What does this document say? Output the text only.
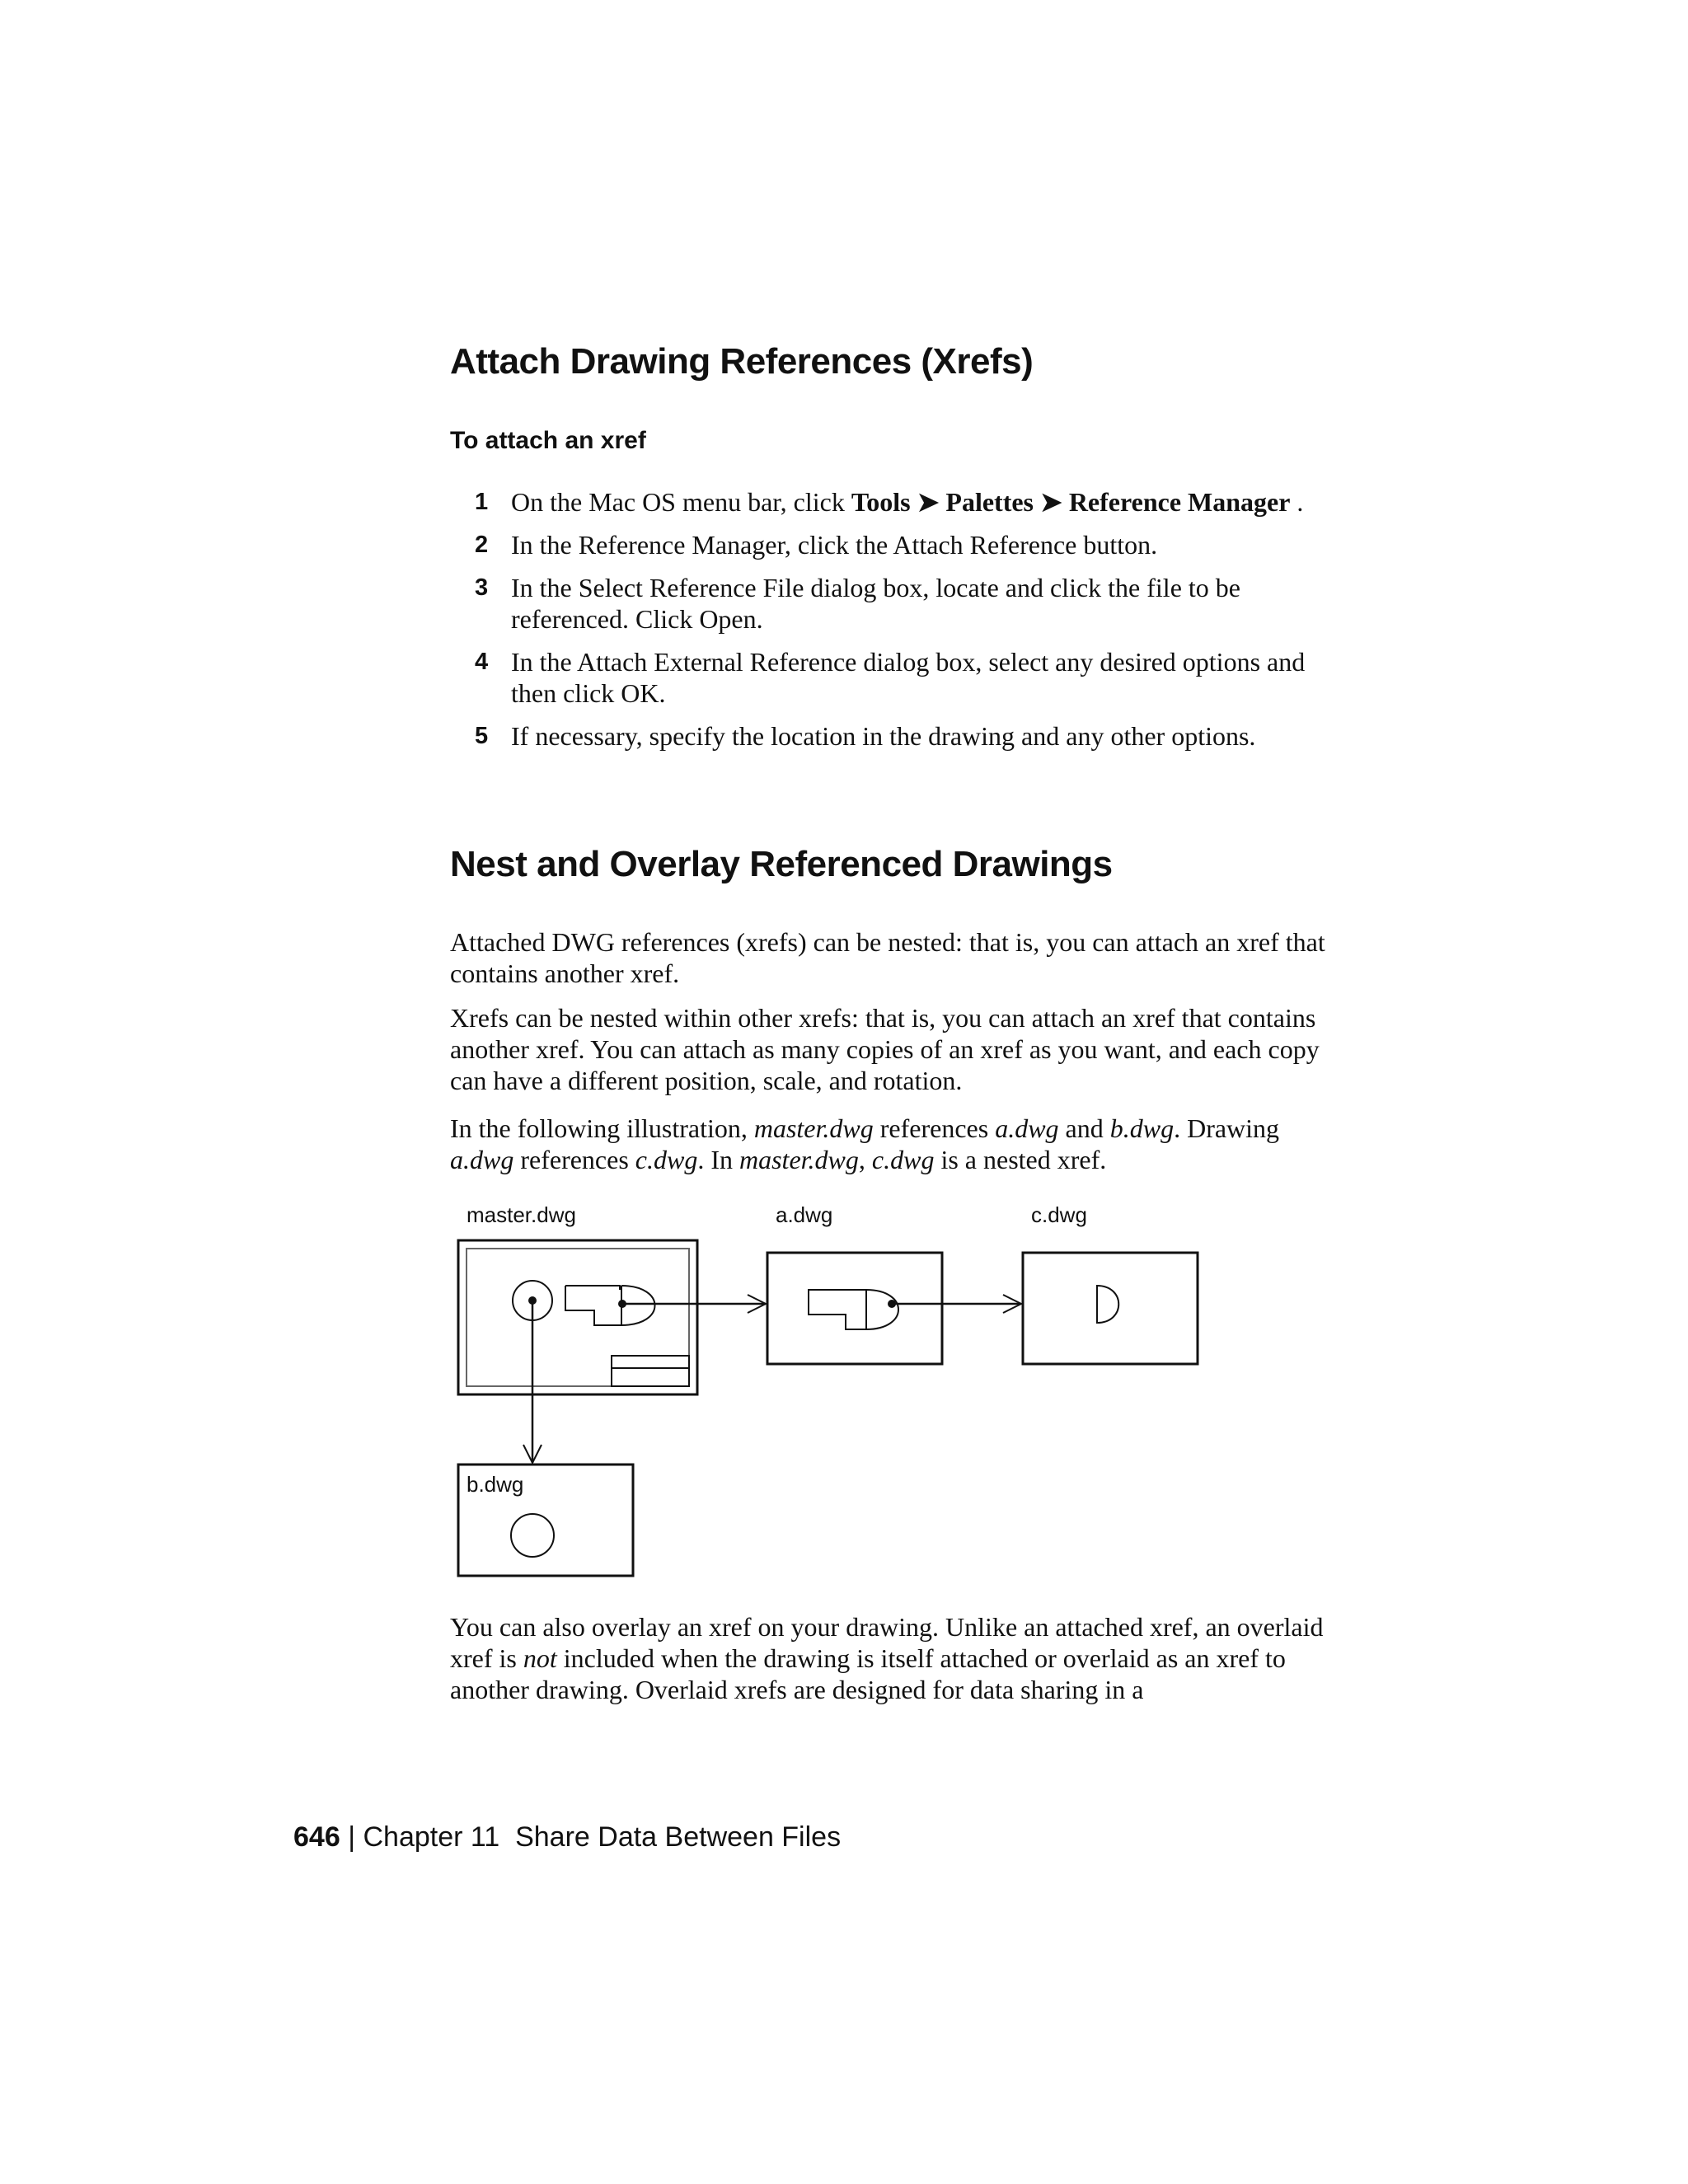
Attach Drawing References (Xrefs)
To attach an xref
1 On the Mac OS menu bar, click Tools ➤ Palettes ➤ Reference Manager .
2 In the Reference Manager, click the Attach Reference button.
3 In the Select Reference File dialog box, locate and click the file to be referenced. Click Open.
4 In the Attach External Reference dialog box, select any desired options and then click OK.
5 If necessary, specify the location in the drawing and any other options.
Nest and Overlay Referenced Drawings

Attached DWG references (xrefs) can be nested: that is, you can attach an xref that contains another xref.

Xrefs can be nested within other xrefs: that is, you can attach an xref that contains another xref. You can attach as many copies of an xref as you want, and each copy can have a different position, scale, and rotation.

In the following illustration, master.dwg references a.dwg and b.dwg. Drawing a.dwg references c.dwg. In master.dwg, c.dwg is a nested xref.

master.dwg	a.dwg	c.dwg
b.dwg

You can also overlay an xref on your drawing. Unlike an attached xref, an overlaid xref is not included when the drawing is itself attached or overlaid as an xref to another drawing. Overlaid xrefs are designed for data sharing in a

646 | Chapter 11 Share Data Between Files
